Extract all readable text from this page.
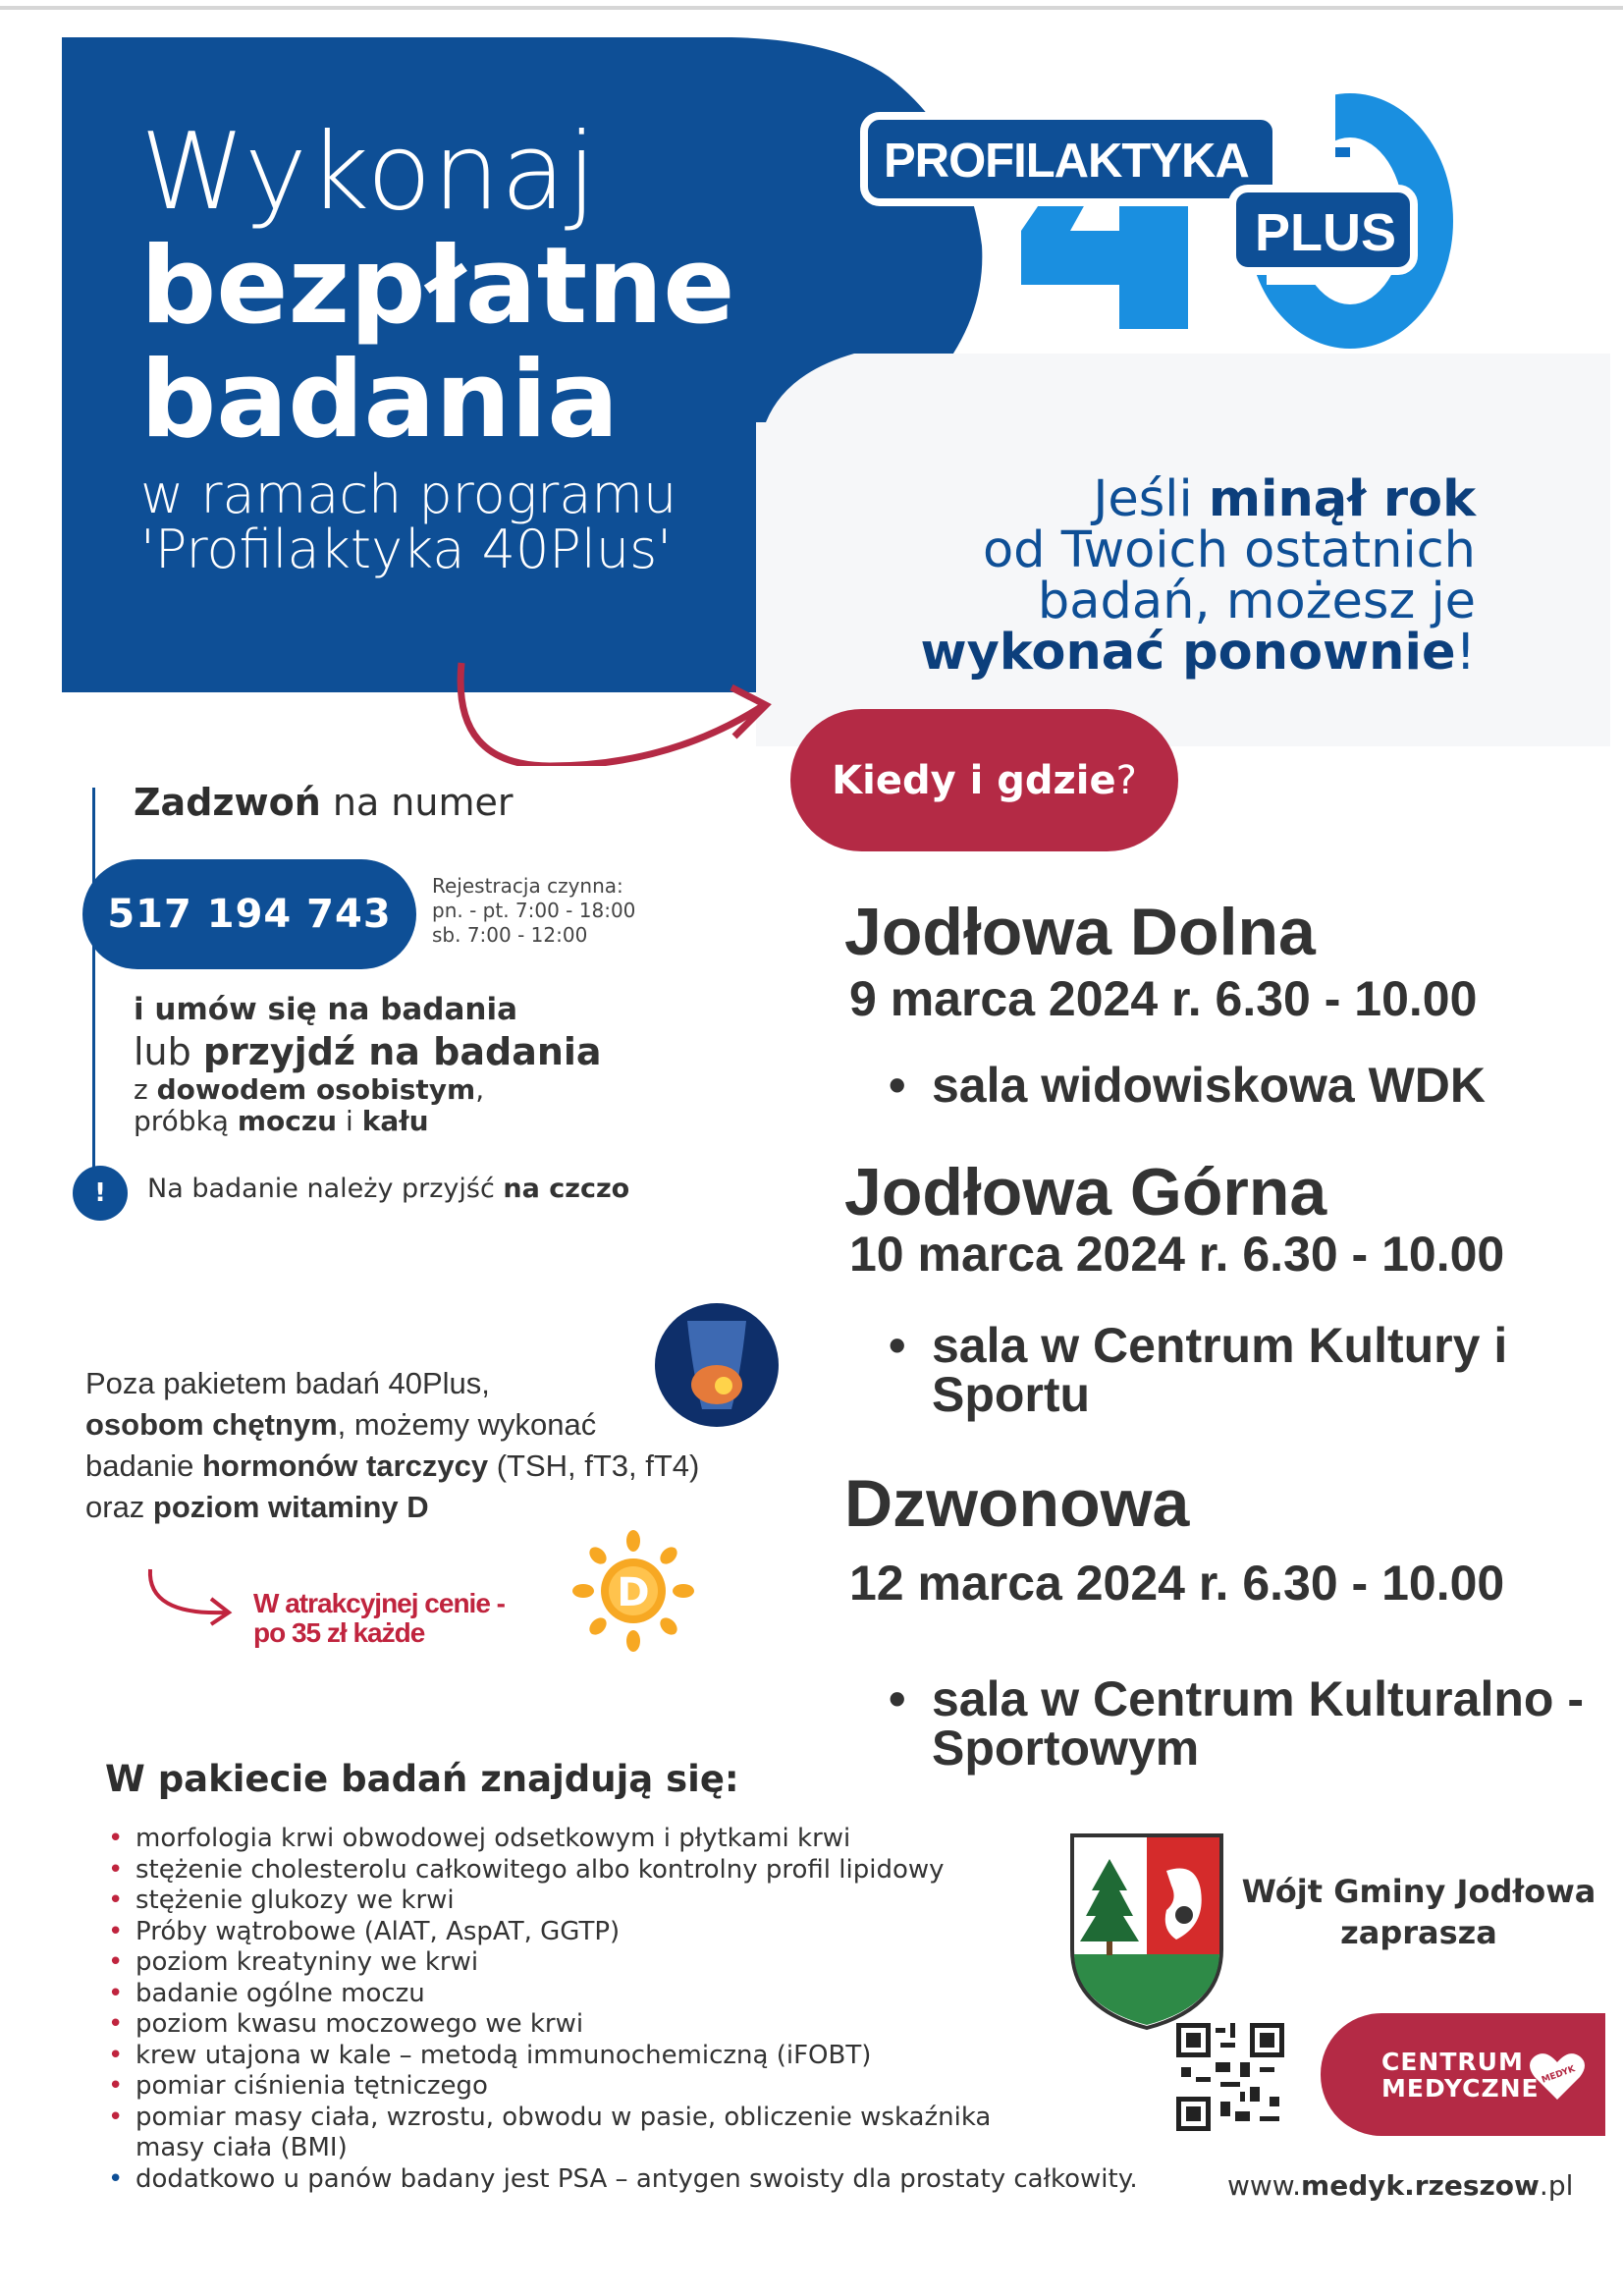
Wykonaj
bezpłatne
badania
w ramach programu
'Profilaktyka 40Plus'
PROFILAKTYKA
PLUS
Jeśli minął rok
od Twoich ostatnich
badań, możesz je
wykonać ponownie!
Kiedy i gdzie ?
Zadzwoń na numer
517 194 743
Rejestracja czynna:
pn. - pt. 7:00 - 18:00
sb. 7:00 - 12:00
i umów się na badania
lub przyjdź na badania
z dowodem osobistym,
próbką moczu i kału
!	Na badanie należy przyjść na czczo
Poza pakietem badań 40Plus,
osobom chętnym, możemy wykonać
badanie hormonów tarczycy (TSH, fT3, fT4)
oraz poziom witaminy D
W atrakcyjnej cenie -
po 35 zł każde
D
W pakiecie badań znajdują się:
• morfologia krwi obwodowej odsetkowym i płytkami krwi
• stężenie cholesterolu całkowitego albo kontrolny profil lipidowy
• stężenie glukozy we krwi
• Próby wątrobowe (AlAT, AspAT, GGTP)
• poziom kreatyniny we krwi
• badanie ogólne moczu
• poziom kwasu moczowego we krwi
• krew utajona w kale – metodą immunochemiczną (iFOBT)
• pomiar ciśnienia tętniczego
• pomiar masy ciała, wzrostu, obwodu w pasie, obliczenie wskaźnika masy ciała (BMI)
• dodatkowo u panów badany jest PSA – antygen swoisty dla prostaty całkowity.
Jodłowa Dolna
9 marca 2024 r. 6.30 - 10.00
• sala widowiskowa WDK
Jodłowa Górna
10 marca 2024 r. 6.30 - 10.00
• sala w Centrum Kultury i
Sportu
Dzwonowa
12 marca 2024 r. 6.30 - 10.00
• sala w Centrum Kulturalno -
Sportowym
Wójt Gminy Jodłowa
zaprasza
CENTRUM
MEDYCZNE MEDYK
www.medyk.rzeszow.pl
